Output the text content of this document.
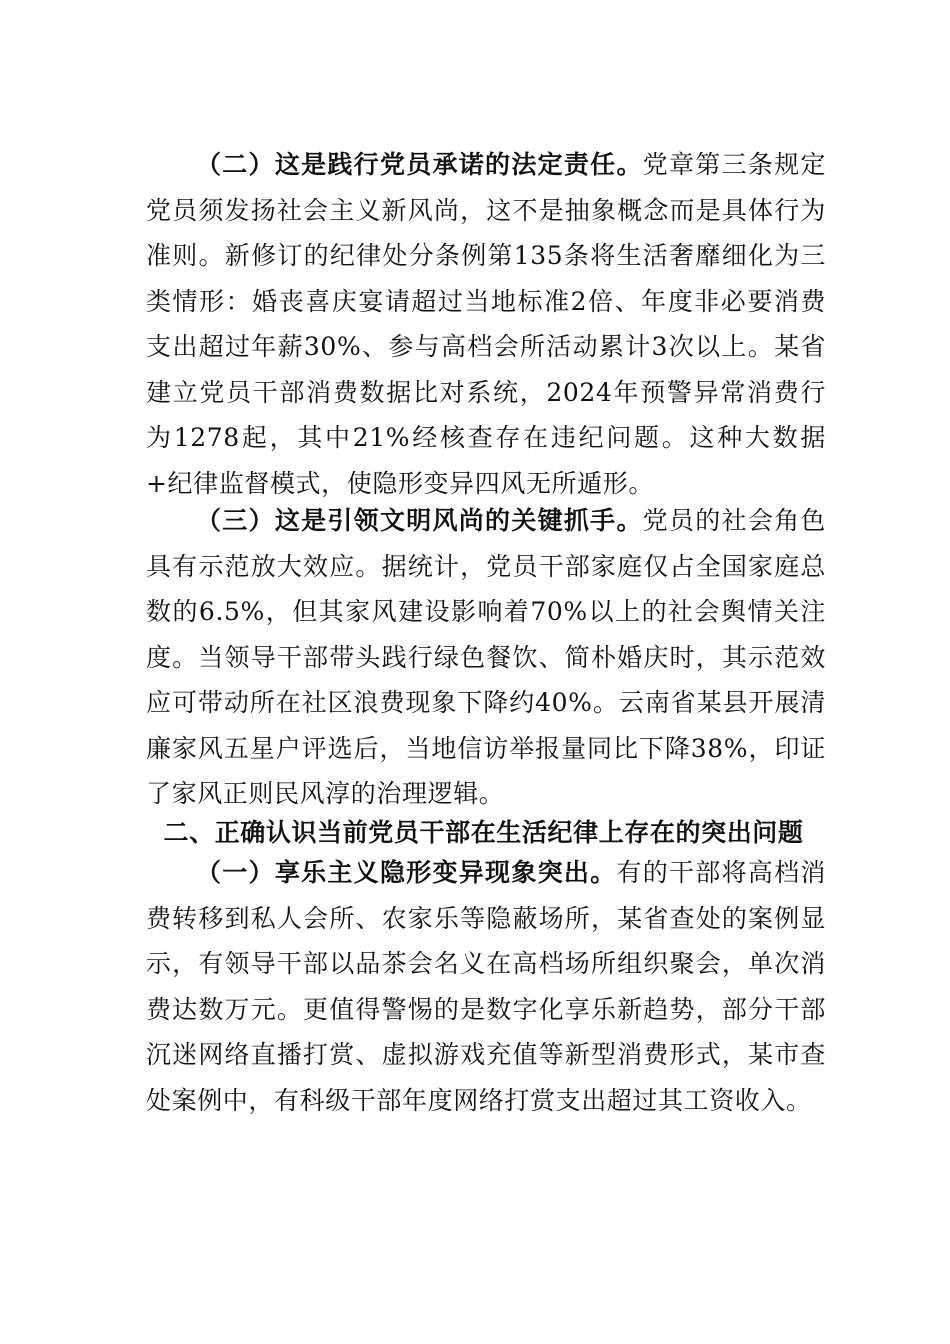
（二）这是践行党员承诺的法定责任。党章第三条规定党员须发扬社会主义新风尚，这不是抽象概念而是具体行为准则。新修订的纪律处分条例第135条将生活奢靡细化为三类情形：婚丧喜庆宴请超过当地标准2倍、年度非必要消费支出超过年薪30%、参与高档会所活动累计3次以上。某省建立党员干部消费数据比对系统，2024年预警异常消费行为1278起，其中21%经核查存在违纪问题。这种大数据+纪律监督模式，使隐形变异四风无所遁形。

（三）这是引领文明风尚的关键抓手。党员的社会角色具有示范放大效应。据统计，党员干部家庭仅占全国家庭总数的6.5%，但其家风建设影响着70%以上的社会舆情关注度。当领导干部带头践行绿色餐饮、简朴婚庆时，其示范效应可带动所在社区浪费现象下降约40%。云南省某县开展清廉家风五星户评选后，当地信访举报量同比下降38%，印证了家风正则民风淳的治理逻辑。

二、正确认识当前党员干部在生活纪律上存在的突出问题

（一）享乐主义隐形变异现象突出。有的干部将高档消费转移到私人会所、农家乐等隐蔽场所，某省查处的案例显示，有领导干部以品茶会名义在高档场所组织聚会，单次消费达数万元。更值得警惕的是数字化享乐新趋势，部分干部沉迷网络直播打赏、虚拟游戏充值等新型消费形式，某市查处案例中，有科级干部年度网络打赏支出超过其工资收入。
